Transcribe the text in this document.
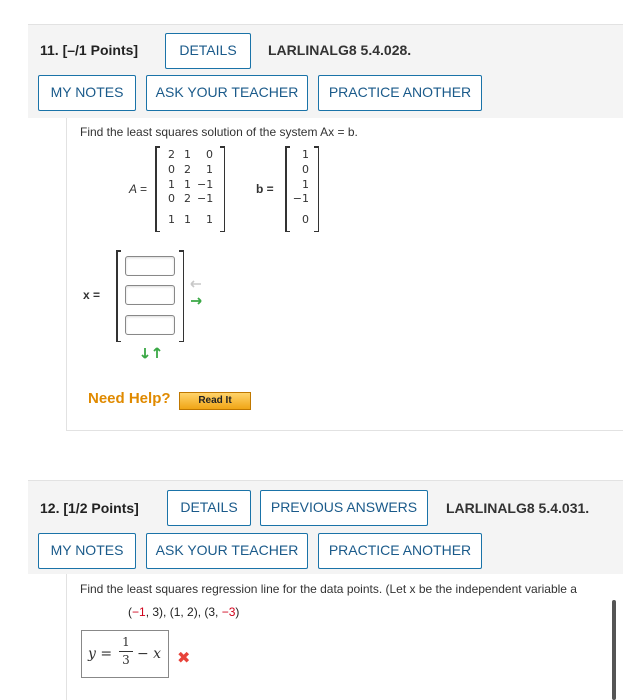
11. [–/1 Points]	DETAILS	LARLINALG8 5.4.028.
MY NOTES	ASK YOUR TEACHER	PRACTICE ANOTHER
Find the least squares solution of the system Ax = b.
A =
2 1	0
0 2	1
1 1 −1
0 2 −1
1 1	1
b =
1
0
1
−1
0
x =
Need Help?	Read It
12. [1/2 Points]	DETAILS	PREVIOUS ANSWERS	LARLINALG8 5.4.031.
MY NOTES	ASK YOUR TEACHER	PRACTICE ANOTHER
Find the least squares regression line for the data points. (Let x be the independent variable a
(−1, 3), (1, 2), (3, −3)
y =
1
3 − x ✖
